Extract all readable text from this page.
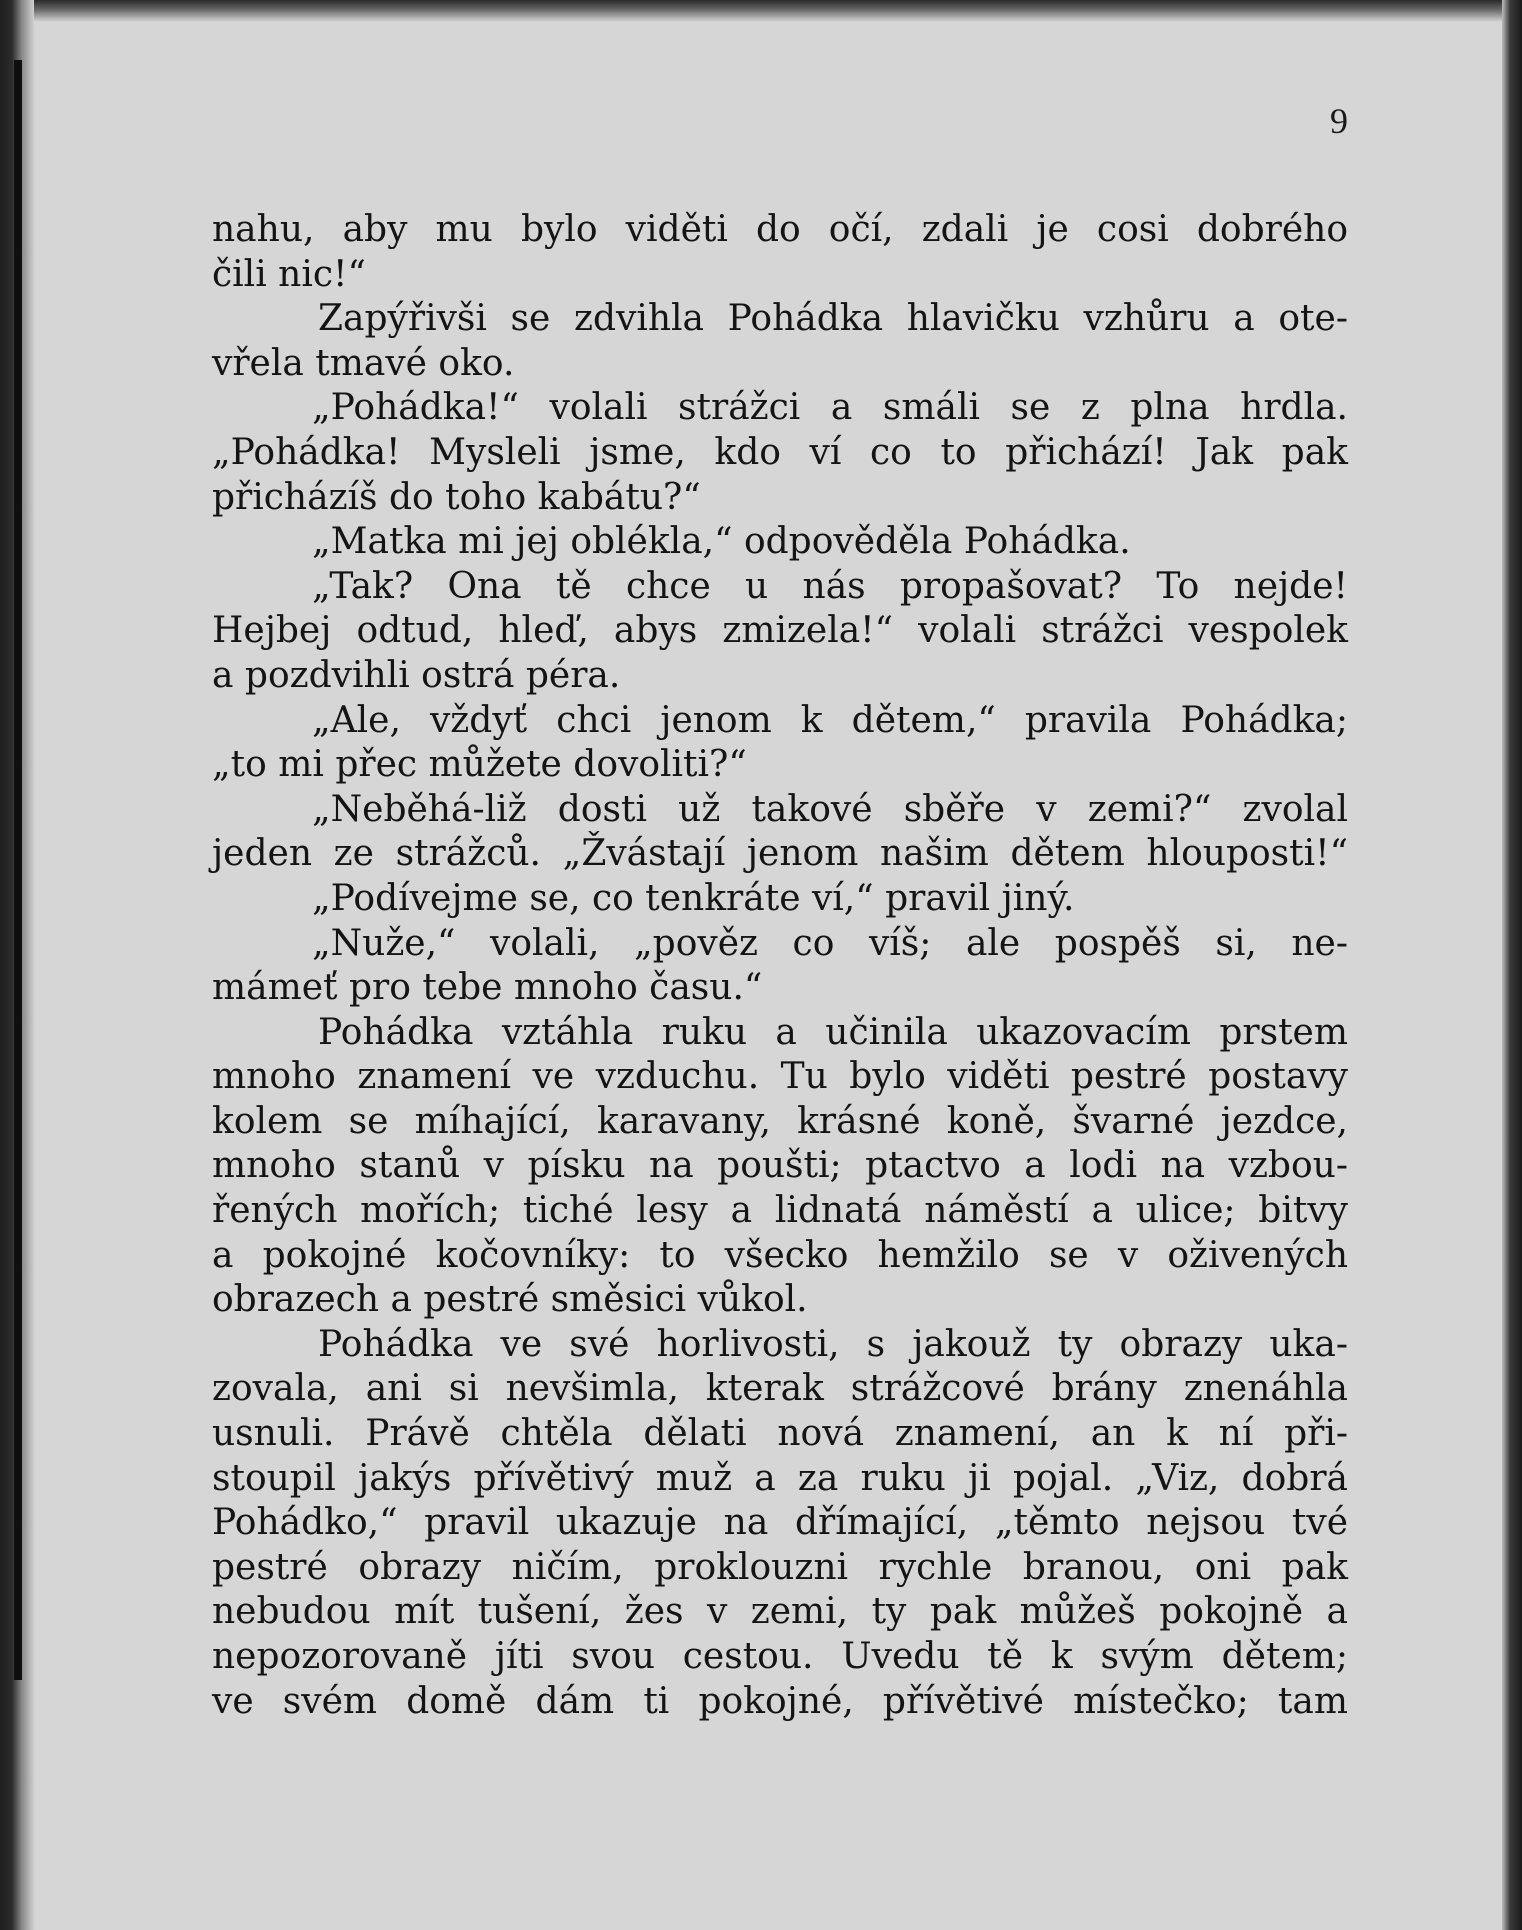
9
nahu, aby mu bylo viděti do očí, zdali je cosi dobrého
čili nic!“
Zapýřivši se zdvihla Pohádka hlavičku vzhůru a ote-
vřela tmavé oko.
„Pohádka!“ volali strážci a smáli se z plna hrdla.
„Pohádka! Mysleli jsme, kdo ví co to přichází! Jak pak
přicházíš do toho kabátu?“
„Matka mi jej oblékla,“ odpověděla Pohádka.
„Tak? Ona tě chce u nás propašovat? To nejde!
Hejbej odtud, hleď, abys zmizela!“ volali strážci vespolek
a pozdvihli ostrá péra.
„Ale, vždyť chci jenom k dětem,“ pravila Pohádka;
„to mi přec můžete dovoliti?“
„Neběhá-liž dosti už takové sběře v zemi?“ zvolal
jeden ze strážců. „Žvástají jenom našim dětem hlouposti!“
„Podívejme se, co tenkráte ví,“ pravil jiný.
„Nuže,“ volali, „pověz co víš; ale pospěš si, ne-
mámeť pro tebe mnoho času.“
Pohádka vztáhla ruku a učinila ukazovacím prstem
mnoho znamení ve vzduchu. Tu bylo viděti pestré postavy
kolem se míhající, karavany, krásné koně, švarné jezdce,
mnoho stanů v písku na poušti; ptactvo a lodi na vzbou-
řených mořích; tiché lesy a lidnatá náměstí a ulice; bitvy
a pokojné kočovníky: to všecko hemžilo se v oživených
obrazech a pestré směsici vůkol.
Pohádka ve své horlivosti, s jakouž ty obrazy uka-
zovala, ani si nevšimla, kterak strážcové brány znenáhla
usnuli. Právě chtěla dělati nová znamení, an k ní při-
stoupil jakýs přívětivý muž a za ruku ji pojal. „Viz, dobrá
Pohádko,“ pravil ukazuje na dřímající, „těmto nejsou tvé
pestré obrazy ničím, proklouzni rychle branou, oni pak
nebudou mít tušení, žes v zemi, ty pak můžeš pokojně a
nepozorovaně jíti svou cestou. Uvedu tě k svým dětem;
ve svém domě dám ti pokojné, přívětivé místečko; tam
